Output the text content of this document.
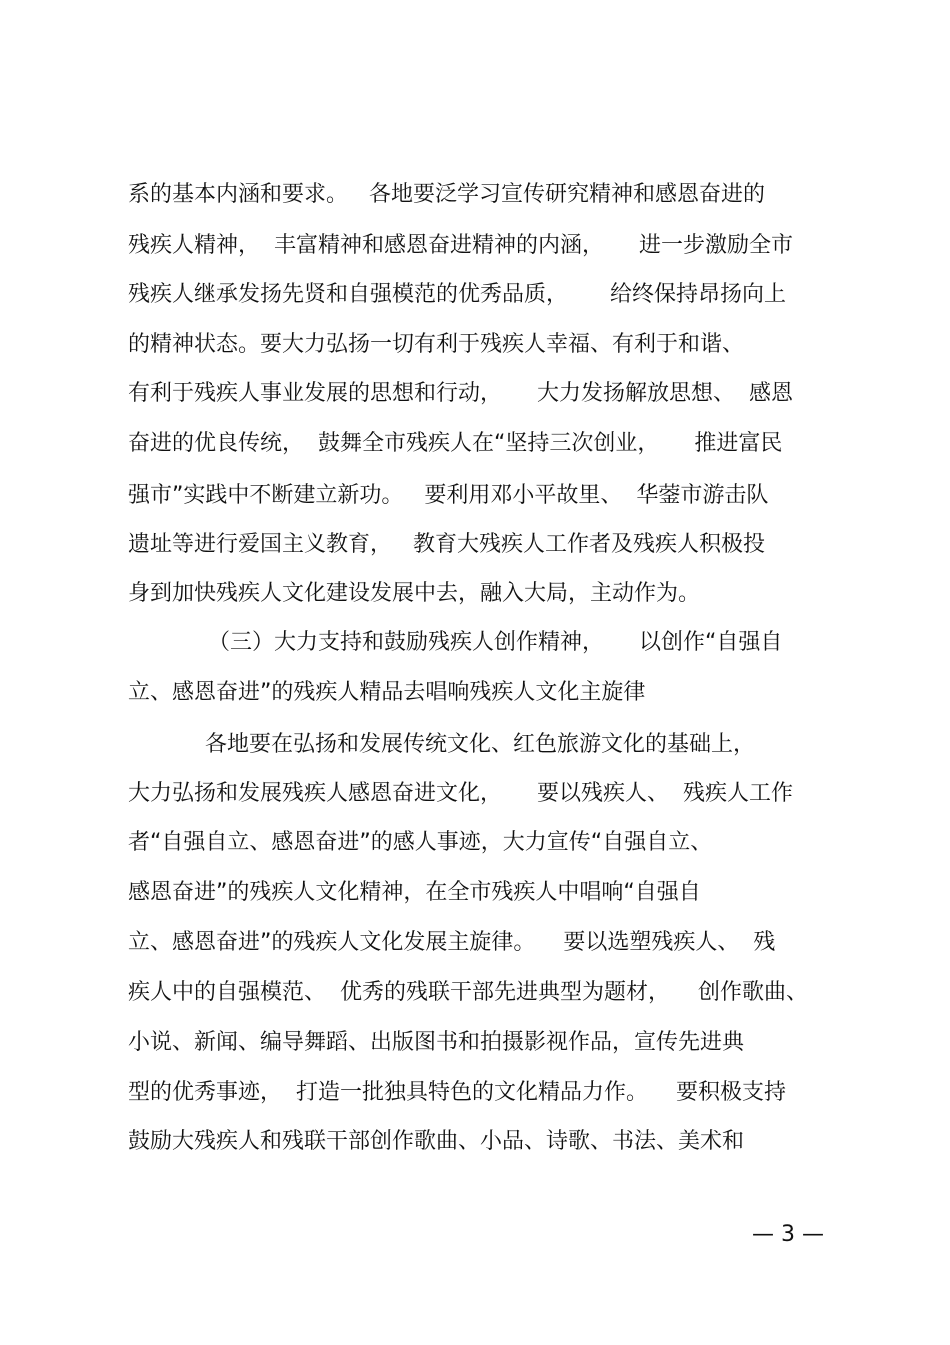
系的基本内涵和要求。   各地要泛学习宣传研究精神和感恩奋进的
残疾人精神，  丰富精神和感恩奋进精神的内涵，     进一步激励全市
残疾人继承发扬先贤和自强模范的优秀品质，      给终保持昂扬向上
的精神状态。要大力弘扬一切有利于残疾人幸福、有利于和谐、
有利于残疾人事业发展的思想和行动，     大力发扬解放思想、  感恩
奋进的优良传统，  鼓舞全市残疾人在“坚持三次创业，     推进富民
强市”实践中不断建立新功。   要利用邓小平故里、  华蓥市游击队
遗址等进行爱国主义教育，   教育大残疾人工作者及残疾人积极投
身到加快残疾人文化建设发展中去，融入大局，主动作为。
（三）大力支持和鼓励残疾人创作精神，     以创作“自强自
立、感恩奋进”的残疾人精品去唱响残疾人文化主旋律
各地要在弘扬和发展传统文化、红色旅游文化的基础上，
大力弘扬和发展残疾人感恩奋进文化，     要以残疾人、  残疾人工作
者“自强自立、感恩奋进”的感人事迹，大力宣传“自强自立、
感恩奋进”的残疾人文化精神，在全市残疾人中唱响“自强自
立、感恩奋进”的残疾人文化发展主旋律。    要以选塑残疾人、  残
疾人中的自强模范、  优秀的残联干部先进典型为题材，    创作歌曲、
小说、新闻、编导舞蹈、出版图书和拍摄影视作品，宣传先进典
型的优秀事迹，  打造一批独具特色的文化精品力作。    要积极支持
鼓励大残疾人和残联干部创作歌曲、小品、诗歌、书法、美术和
— 3 —
